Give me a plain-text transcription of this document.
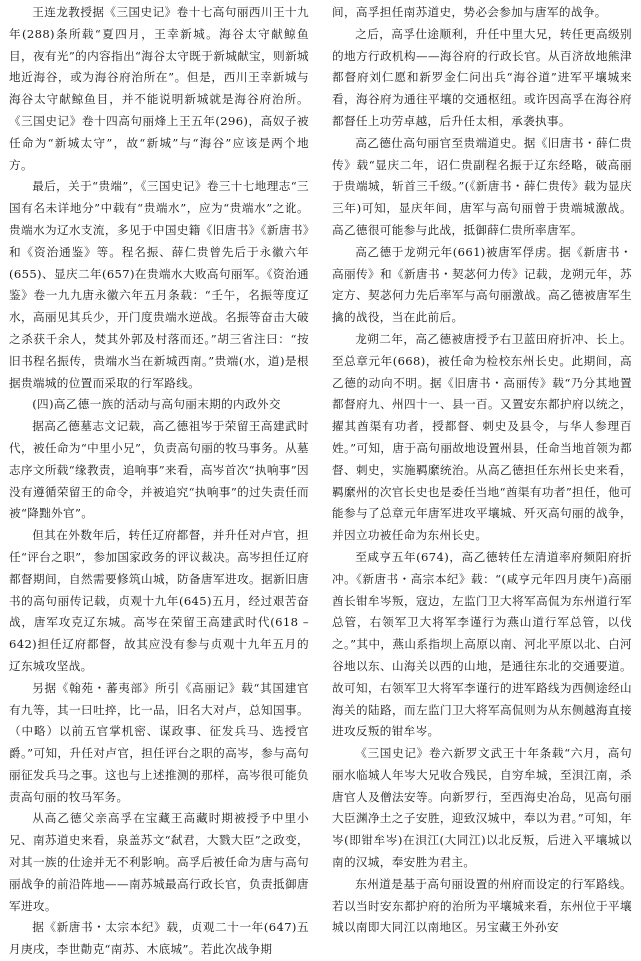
王连龙教授据《三国史记》卷十七高句丽西川王十九年(288)条所载“夏四月，王幸新城。海谷太守献鲸鱼目，夜有光”的内容指出“海谷太守既于新城献宝，则新城地近海谷，或为海谷府治所在”。但是，西川王幸新城与海谷太守献鲸鱼目，并不能说明新城就是海谷府治所。《三国史记》卷十四高句丽烽上王五年(296)，高奴子被任命为“新城太守”，故“新城”与“海谷”应该是两个地方。

最后，关于“贵端”，《三国史记》卷三十七地理志“三国有名未详地分”中载有“贵端水”，应为“贵端水”之讹。贵端水为辽水支流，多见于中国史籍《旧唐书》《新唐书》和《资治通鉴》等。程名振、薛仁贵曾先后于永徽六年(655)、显庆二年(657)在贵端水大败高句丽军。《资治通鉴》卷一九九唐永徽六年五月条载：“壬午，名振等度辽水，高丽见其兵少，开门度贵端水逆战。名振等奋击大破之杀获千余人，焚其外郭及村落而还。”胡三省注曰：“按旧书程名振传，贵端水当在新城西南。”贵端(水，道)是根据贵端城的位置而采取的行军路线。

(四)高乙德一族的活动与高句丽末期的内政外交

据高乙德墓志文记载，高乙德祖岑于荣留王高建武时代，被任命为“中里小兄”，负责高句丽的牧马事务。从墓志序文所载“缘教责，追响事”来看，高岑首次“执响事”因没有遵循荣留王的命令，并被追究“执响事”的过失责任而被“降黜外官”。

但其在外数年后，转任辽府都督，并升任对卢官，担任“评台之职”，参加国家政务的评议裁决。高岑担任辽府都督期间，自然需要修筑山城，防备唐军进攻。据新旧唐书的高句丽传记载，贞观十九年(645)五月，经过艰苦奋战，唐军攻克辽东城。高岑在荣留王高建武时代(618 – 642)担任辽府都督，故其应没有参与贞观十九年五月的辽东城攻坚战。

另据《翰苑・蕃夷部》所引《高丽记》载“其国建官有九等，其一曰吐捽，比一品，旧名大对卢，总知国事。（中略）以前五官掌机密、谋政事、征发兵马、选授官爵。”可知，升任对卢官，担任评台之职的高岑，参与高句丽征发兵马之事。这也与上述推测的那样，高岑很可能负责高句丽的牧马军务。

从高乙德父亲高孚在宝藏王高藏时期被授予中里小兄、南苏道史来看，泉盖苏文“弑君，大戮大臣”之政变，对其一族的仕途并无不利影响。高孚后被任命为唐与高句丽战争的前沿阵地——南苏城最高行政长官，负责抵御唐军进攻。

据《新唐书・太宗本纪》载，贞观二十一年(647)五月庚戌，李世勣克“南苏、木底城”。若此次战争期

间，高孚担任南苏道史，势必会参加与唐军的战争。

之后，高孚仕途顺利，升任中里大兄，转任更高级别的地方行政机构——海谷府的行政长官。从百济故地熊津都督府刘仁愿和新罗金仁问出兵“海谷道”进军平壤城来看，海谷府为通往平壤的交通枢纽。或许因高孚在海谷府都督任上功劳卓越，后升任太相，承袭执事。

高乙德仕高句丽官至贵端道史。据《旧唐书・薛仁贵传》载“显庆二年，诏仁贵副程名振于辽东经略，破高丽于贵端城，斩首三千级。”(《新唐书・薛仁贵传》载为显庆三年)可知，显庆年间，唐军与高句丽曾于贵端城激战。高乙德很可能参与此战，抵御薛仁贵所率唐军。

高乙德于龙朔元年(661)被唐军俘虏。据《新唐书・高丽传》和《新唐书・契苾何力传》记载，龙朔元年，苏定方、契苾何力先后率军与高句丽激战。高乙德被唐军生擒的战役，当在此前后。

龙朔二年，高乙德被唐授予右卫蓝田府折冲、长上。至总章元年(668)，被任命为检校东州长史。此期间，高乙德的动向不明。据《旧唐书・高丽传》载“乃分其地置都督府九、州四十一、县一百。又置安东都护府以统之，擢其酋渠有功者，授都督、刺史及县令，与华人参理百姓。”可知，唐于高句丽故地设置州县，任命当地首领为都督、刺史，实施羁縻统治。从高乙德担任东州长史来看，羁縻州的次官长史也是委任当地“酋渠有功者”担任，他可能参与了总章元年唐军进攻平壤城、歼灭高句丽的战争，并因立功被任命为东州长史。

至咸亨五年(674)，高乙德转任左清道率府频阳府折冲。《新唐书・高宗本纪》载：“(咸亨元年四月庚午)高丽酋长钳牟岑叛，寇边，左监门卫大将军高侃为东州道行军总管，右领军卫大将军李谨行为燕山道行军总管，以伐之。”其中，燕山系指坝上高原以南、河北平原以北、白河谷地以东、山海关以西的山地，是通往东北的交通要道。故可知，右领军卫大将军李谨行的进军路线为西侧途经山海关的陆路，而左监门卫大将军高侃则为从东侧越海直接进攻反叛的钳牟岑。

《三国史记》卷六新罗文武王十年条载“六月，高句丽水临城人年岑大兄收合残民，自穷牟城，至浿江南，杀唐官人及僧法安等。向新罗行，至西海史冶岛，见高句丽大臣渊净土之子安胜，迎致汉城中，奉以为君。”可知，年岑(即钳牟岑)在浿江(大同江)以北反叛，后进入平壤城以南的汉城，奉安胜为君主。

东州道是基于高句丽设置的州府而设定的行军路线。若以当时安东都护府的治所为平壤城来看，东州位于平壤城以南即大同江以南地区。另宝藏王外孙安
